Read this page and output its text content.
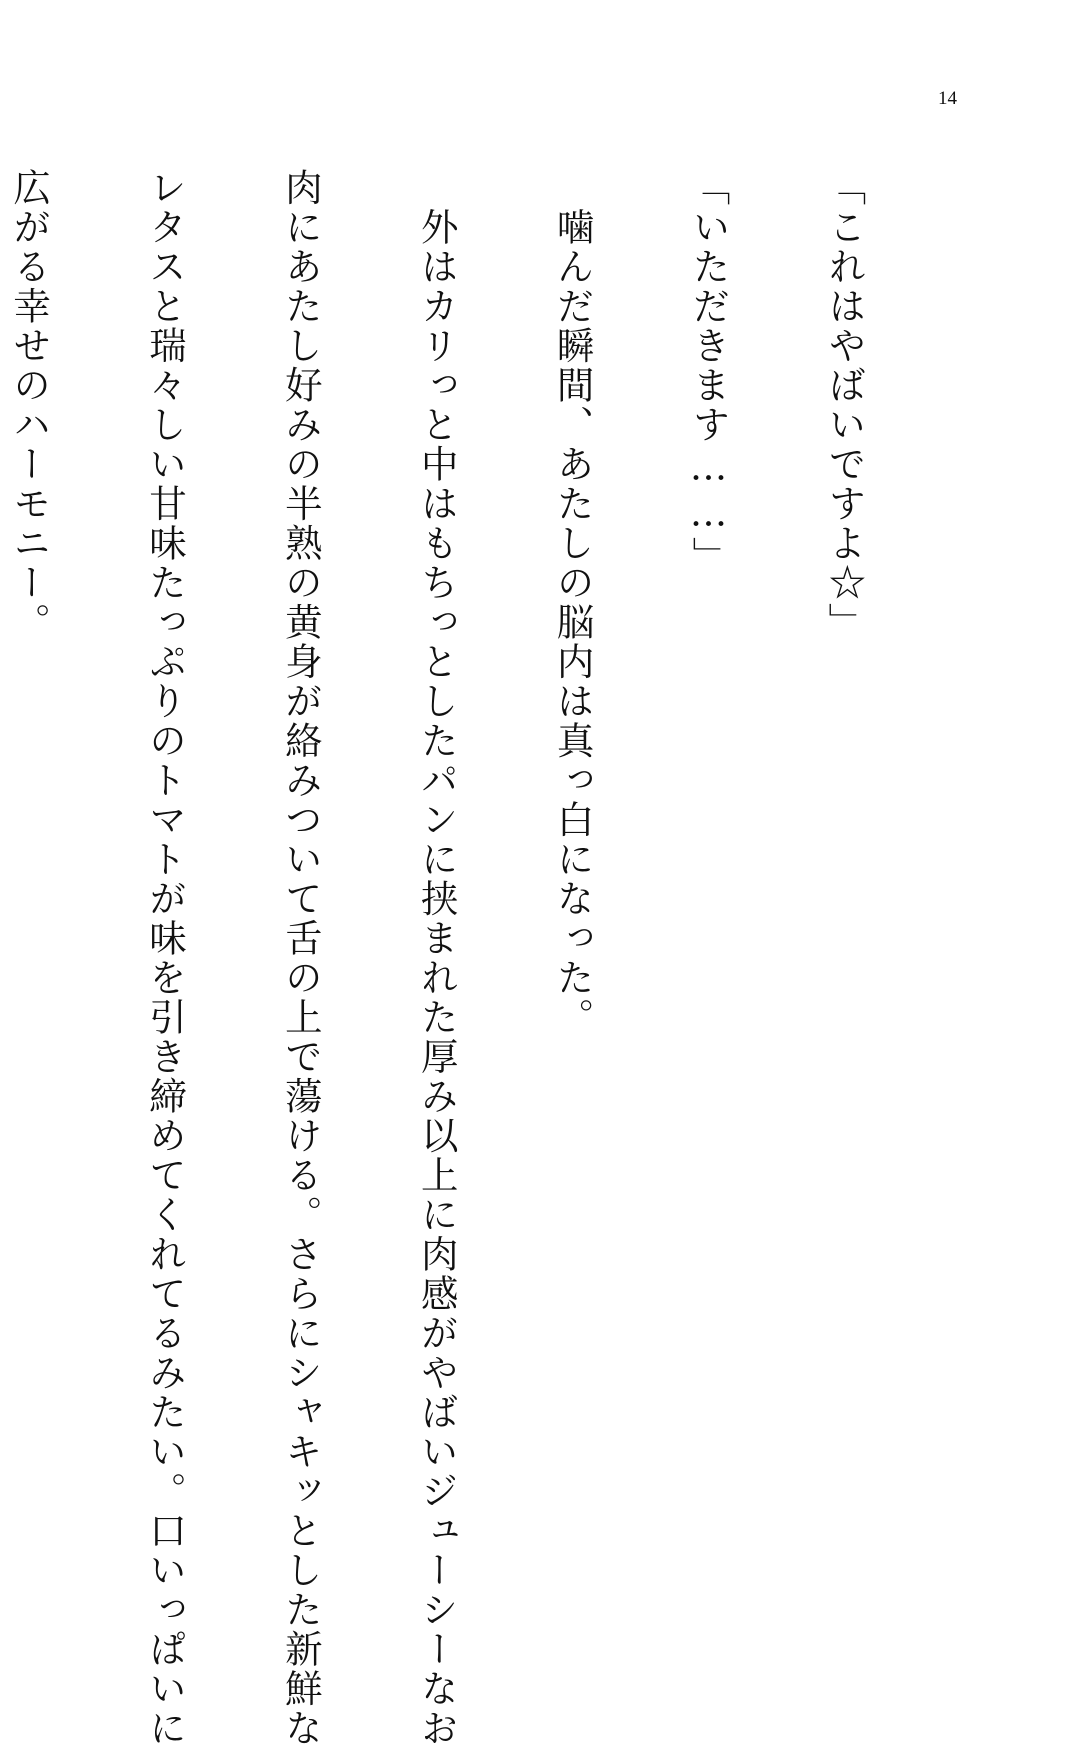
14

「これはやばいですよ☆」

「いただきます……」

　噛んだ瞬間、あたしの脳内は真っ白になった。

　外はカリっと中はもちっとしたパンに挟まれた厚み以上に肉感がやばいジューシーなお

肉にあたし好みの半熟の黄身が絡みついて舌の上で蕩ける。さらにシャキッとした新鮮な

レタスと瑞々しい甘味たっぷりのトマトが味を引き締めてくれてるみたい。口いっぱいに

広がる幸せのハーモニー。
